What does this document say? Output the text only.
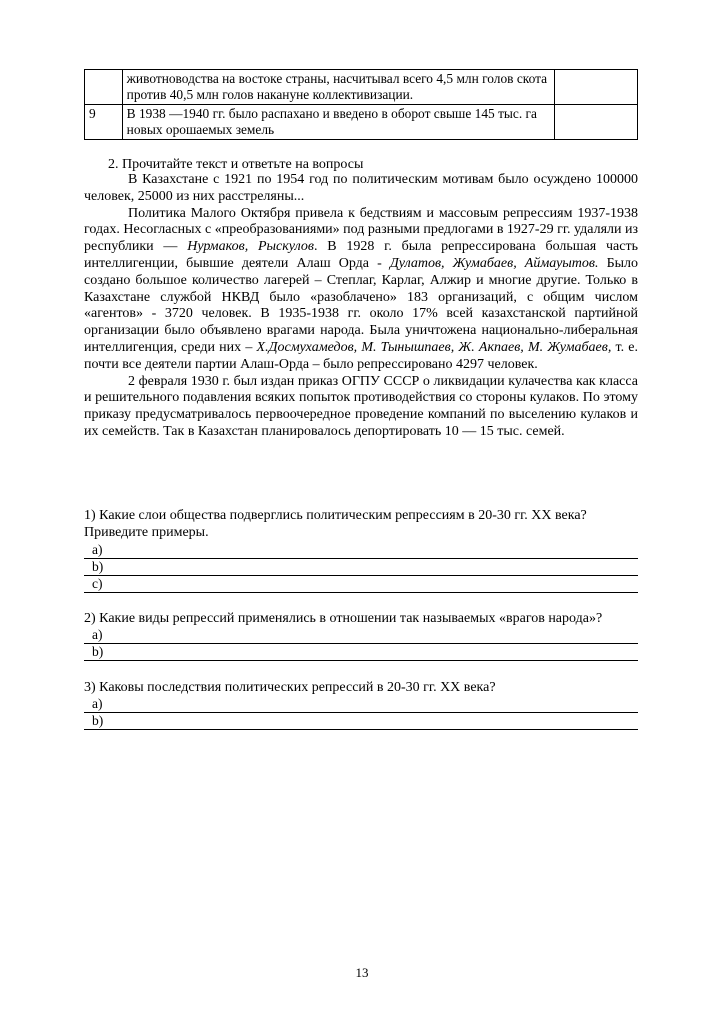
	животноводства на востоке страны, насчитывал всего 4,5 млн голов скота против 40,5 млн голов накануне коллективизации.	
9	В 1938 —1940 гг. было распахано и введено в оборот свыше 145 тыс. га новых орошаемых земель	
2. Прочитайте текст и ответьте на вопросы

В Казахстане с 1921 по 1954 год по политическим мотивам было осуждено 100000 человек, 25000 из них расстреляны...

Политика Малого Октября привела к бедствиям и массовым репрессиям 1937-1938 годах. Несогласных с «преобразованиями» под разными предлогами в 1927-29 гг. удаляли из республики — Нурмаков, Рыскулов. В 1928 г. была репрессирована большая часть интеллигенции, бывшие деятели Алаш Орда - Дулатов, Жумабаев, Аймауытов. Было создано большое количество лагерей – Степлаг, Карлаг, Алжир и многие другие. Только в Казахстане службой НКВД было «разоблачено» 183 организаций, с общим числом «агентов» - 3720 человек. В 1935-1938 гг. около 17% всей казахстанской партийной организации было объявлено врагами народа. Была уничтожена национально-либеральная интеллигенция, среди них – Х.Досмухамедов, М. Тынышпаев, Ж. Акпаев, М. Жумабаев, т. е. почти все деятели партии Алаш-Орда – было репрессировано 4297 человек.

2 февраля 1930 г. был издан приказ ОГПУ СССР о ликвидации кулачества как класса и решительного подавления всяких попыток противодействия со стороны кулаков. По этому приказу предусматривалось первоочередное проведение компаний по выселению кулаков и их семейств. Так в Казахстан планировалось депортировать 10 — 15 тыс. семей.

1) Какие слои общества подверглись политическим репрессиям в 20-30 гг. XX века? Приведите примеры.
a)
b)
c)
2) Какие виды репрессий применялись в отношении так называемых «врагов народа»?
a)
b)
3) Каковы последствия политических репрессий в 20-30 гг. XX века?
a)
b)
13
